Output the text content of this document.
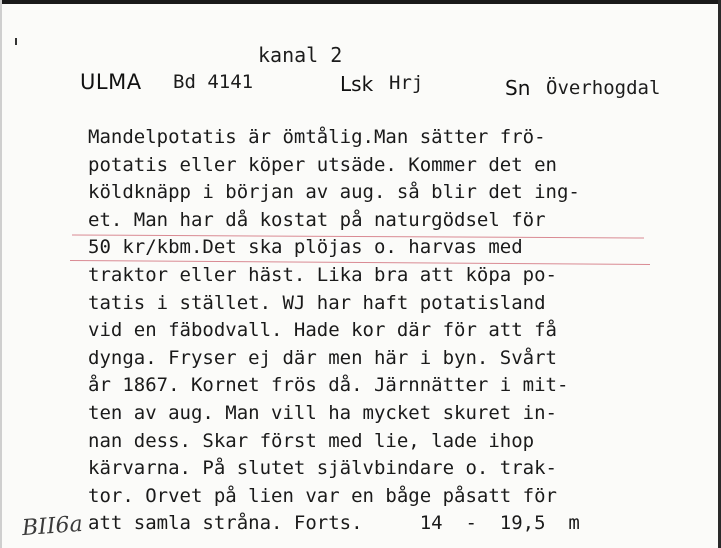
kanal 2
ULMA Bd 4141	Lsk Hrj	Sn Överhogdal
Mandelpotatis är ömtålig.Man sätter frö-
potatis eller köper utsäde. Kommer det en
köldknäpp i början av aug. så blir det ing-
et. Man har då kostat på naturgödsel för
50 kr/kbm.Det ska plöjas o. harvas med
traktor eller häst. Lika bra att köpa po-
tatis i stället. WJ har haft potatisland
vid en fäbodvall. Hade kor där för att få
dynga. Fryser ej där men här i byn. Svårt
år 1867. Kornet frös då. Järnnätter i mit-
ten av aug. Man vill ha mycket skuret in-
nan dess. Skar först med lie, lade ihop
kärvarna. På slutet självbindare o. trak-
tor. Orvet på lien var en båge påsatt för
att samla stråna. Forts.     14  -  19,5  m
BII6a
